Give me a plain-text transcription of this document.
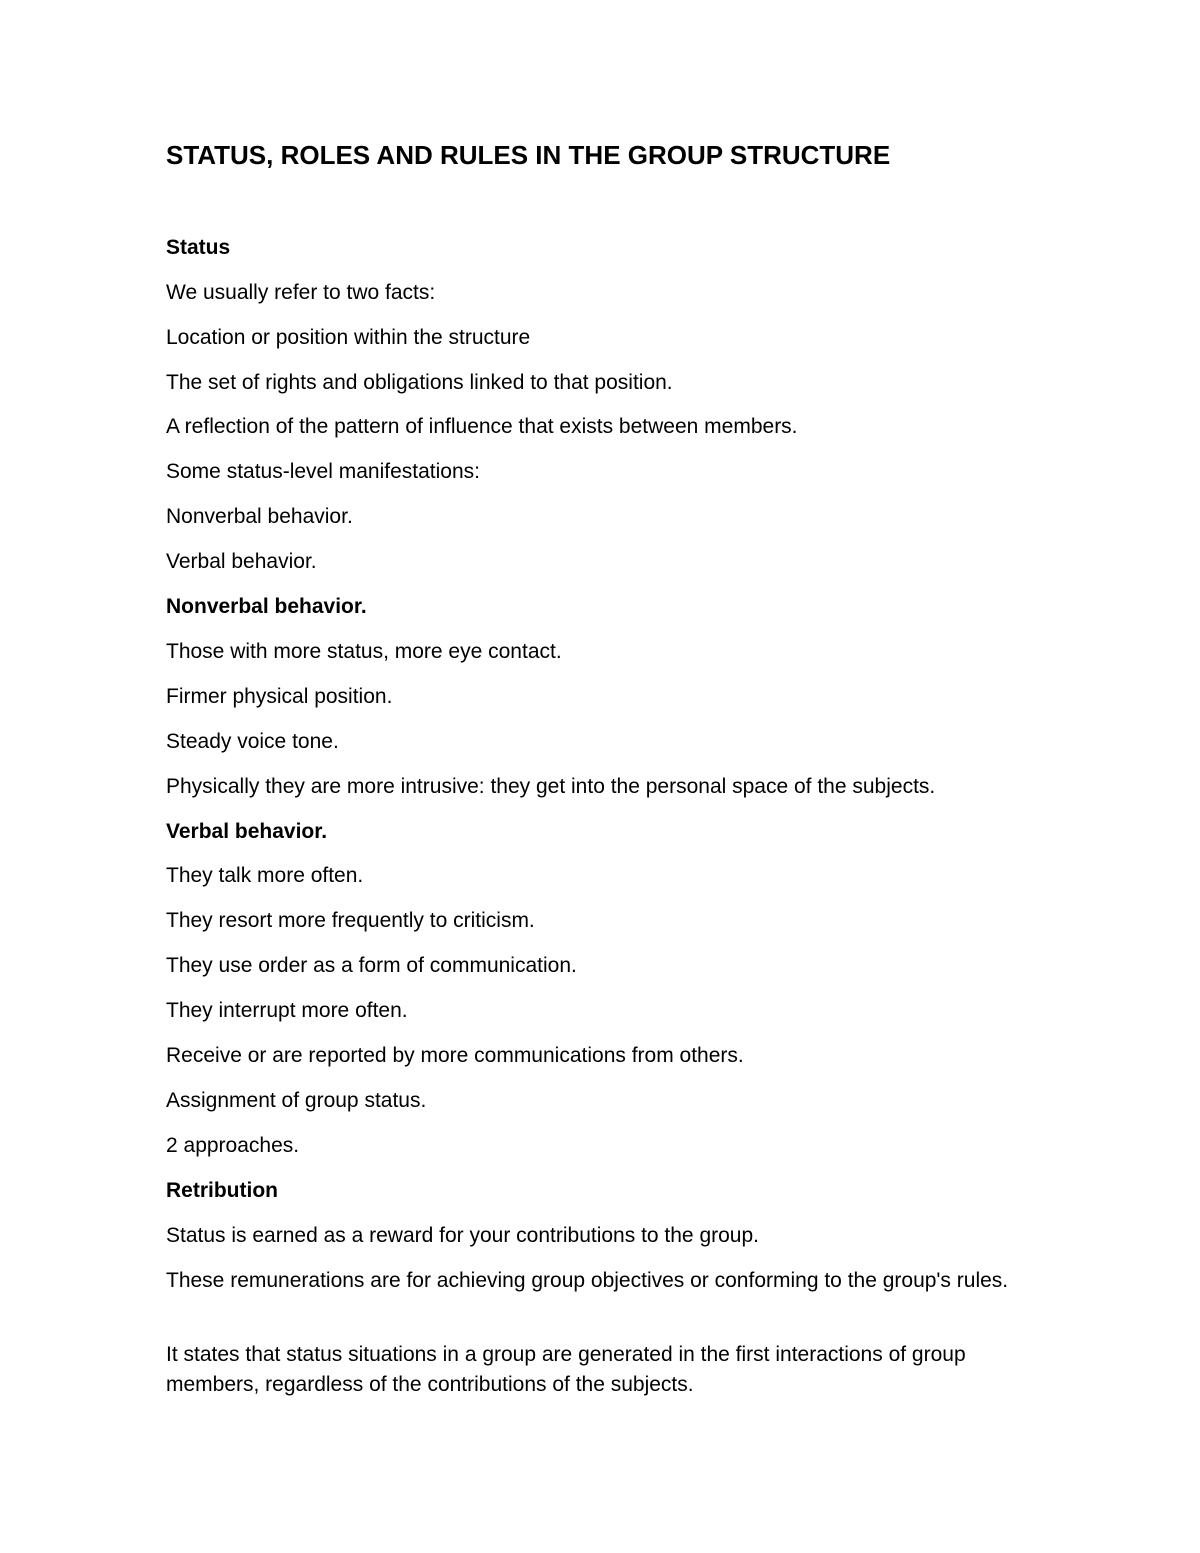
STATUS, ROLES AND RULES IN THE GROUP STRUCTURE

Status

We usually refer to two facts:

Location or position within the structure

The set of rights and obligations linked to that position.

A reflection of the pattern of influence that exists between members.

Some status-level manifestations:

Nonverbal behavior.

Verbal behavior.

Nonverbal behavior.

Those with more status, more eye contact.

Firmer physical position.

Steady voice tone.

Physically they are more intrusive: they get into the personal space of the subjects.

Verbal behavior.

They talk more often.

They resort more frequently to criticism.

They use order as a form of communication.

They interrupt more often.

Receive or are reported by more communications from others.

Assignment of group status.

2 approaches.

Retribution

Status is earned as a reward for your contributions to the group.

These remunerations are for achieving group objectives or conforming to the group's rules.

It states that status situations in a group are generated in the first interactions of group members, regardless of the contributions of the subjects.
